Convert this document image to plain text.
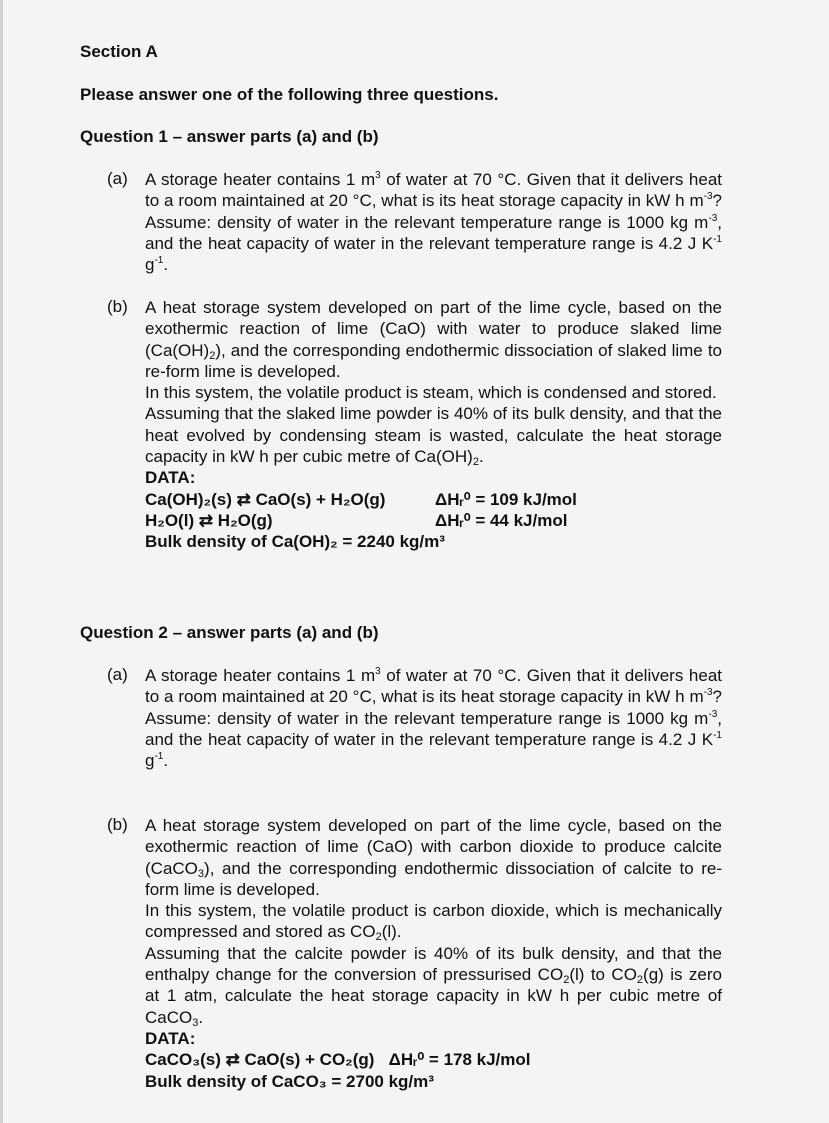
Section A
Please answer one of the following three questions.
Question 1 – answer parts (a) and (b)
(a) A storage heater contains 1 $m^3$ of water at 70 °C. Given that it delivers heat to a room maintained at 20 °C, what is its heat storage capacity in kW h $m^{-3}$? Assume: density of water in the relevant temperature range is 1000 kg $m^{-3}$, and the heat capacity of water in the relevant temperature range is 4.2 J $K^{-1}$ $g^{-1}$.
(b) A heat storage system developed on part of the lime cycle, based on the exothermic reaction of lime (CaO) with water to produce slaked lime $(Ca(OH)_2)$, and the corresponding endothermic dissociation of slaked lime to re-form lime is developed.

In this system, the volatile product is steam, which is condensed and stored.

Assuming that the slaked lime powder is 40% of its bulk density, and that the heat evolved by condensing steam is wasted, calculate the heat storage capacity in kW h per cubic metre of $Ca(OH)_2$.

DATA:

Ca(OH)₂(s) ⇄ CaO(s) + H₂O(g)	ΔHᵣ⁰ = 109 kJ/mol
H₂O(l) ⇄ H₂O(g)	ΔHᵣ⁰ = 44 kJ/mol

Bulk density of Ca(OH)₂ = 2240 kg/m³

Question 2 – answer parts (a) and (b)
(a) A storage heater contains 1 $m^3$ of water at 70 °C. Given that it delivers heat to a room maintained at 20 °C, what is its heat storage capacity in kW h $m^{-3}$? Assume: density of water in the relevant temperature range is 1000 kg $m^{-3}$, and the heat capacity of water in the relevant temperature range is 4.2 J $K^{-1}$ $g^{-1}$.
(b) A heat storage system developed on part of the lime cycle, based on the exothermic reaction of lime (CaO) with carbon dioxide to produce calcite (CaCO$_3$), and the corresponding endothermic dissociation of calcite to re-form lime is developed.

In this system, the volatile product is carbon dioxide, which is mechanically compressed and stored as $CO_2(l)$.

Assuming that the calcite powder is 40% of its bulk density, and that the enthalpy change for the conversion of pressurised $CO_2(l)$ to $CO_2(g)$ is zero at 1 atm, calculate the heat storage capacity in kW h per cubic metre of CaCO$_3$.

DATA:

CaCO₃(s) ⇄ CaO(s) + CO₂(g)   ΔHᵣ⁰ = 178 kJ/mol

Bulk density of CaCO₃ = 2700 kg/m³
